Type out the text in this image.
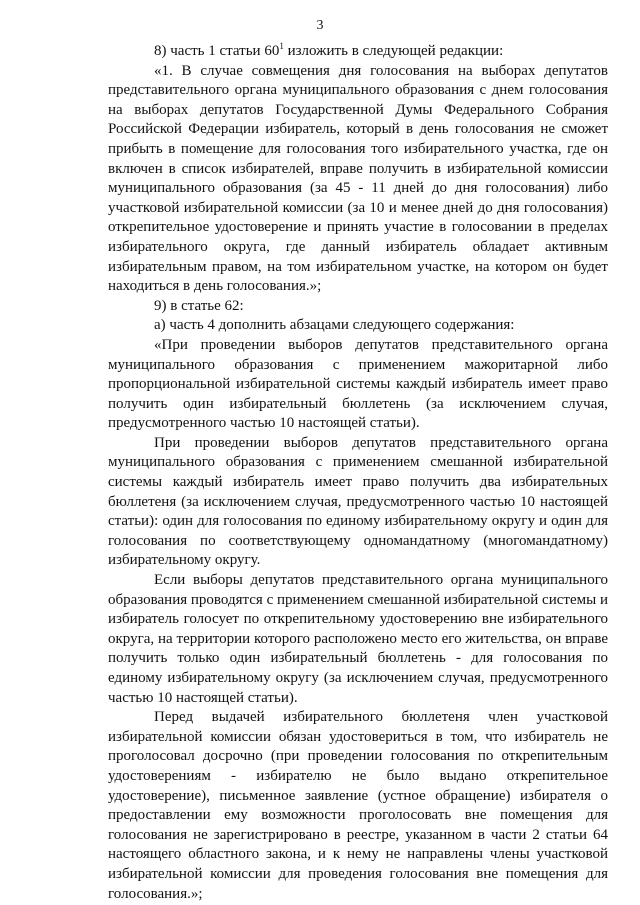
3

8) часть 1 статьи $60^1$ изложить в следующей редакции:

«1. В случае совмещения дня голосования на выборах депутатов представительного органа муниципального образования с днем голосования на выборах депутатов Государственной Думы Федерального Собрания Российской Федерации избиратель, который в день голосования не сможет прибыть в помещение для голосования того избирательного участка, где он включен в список избирателей, вправе получить в избирательной комиссии муниципального образования (за 45 - 11 дней до дня голосования) либо участковой избирательной комиссии (за 10 и менее дней до дня голосования) открепительное удостоверение и принять участие в голосовании в пределах избирательного округа, где данный избиратель обладает активным избирательным правом, на том избирательном участке, на котором он будет находиться в день голосования.»;

9) в статье 62:

а) часть 4 дополнить абзацами следующего содержания:

«При проведении выборов депутатов представительного органа муниципального образования с применением мажоритарной либо пропорциональной избирательной системы каждый избиратель имеет право получить один избирательный бюллетень (за исключением случая, предусмотренного частью 10 настоящей статьи).

При проведении выборов депутатов представительного органа муниципального образования с применением смешанной избирательной системы каждый избиратель имеет право получить два избирательных бюллетеня (за исключением случая, предусмотренного частью 10 настоящей статьи): один для голосования по единому избирательному округу и один для голосования по соответствующему одномандатному (многомандатному) избирательному округу.

Если выборы депутатов представительного органа муниципального образования проводятся с применением смешанной избирательной системы и избиратель голосует по открепительному удостоверению вне избирательного округа, на территории которого расположено место его жительства, он вправе получить только один избирательный бюллетень - для голосования по единому избирательному округу (за исключением случая, предусмотренного частью 10 настоящей статьи).

Перед выдачей избирательного бюллетеня член участковой избирательной комиссии обязан удостовериться в том, что избиратель не проголосовал досрочно (при проведении голосования по открепительным удостоверениям - избирателю не было выдано открепительное удостоверение), письменное заявление (устное обращение) избирателя о предоставлении ему возможности проголосовать вне помещения для голосования не зарегистрировано в реестре, указанном в части 2 статьи 64 настоящего областного закона, и к нему не направлены члены участковой избирательной комиссии для проведения голосования вне помещения для голосования.»;
